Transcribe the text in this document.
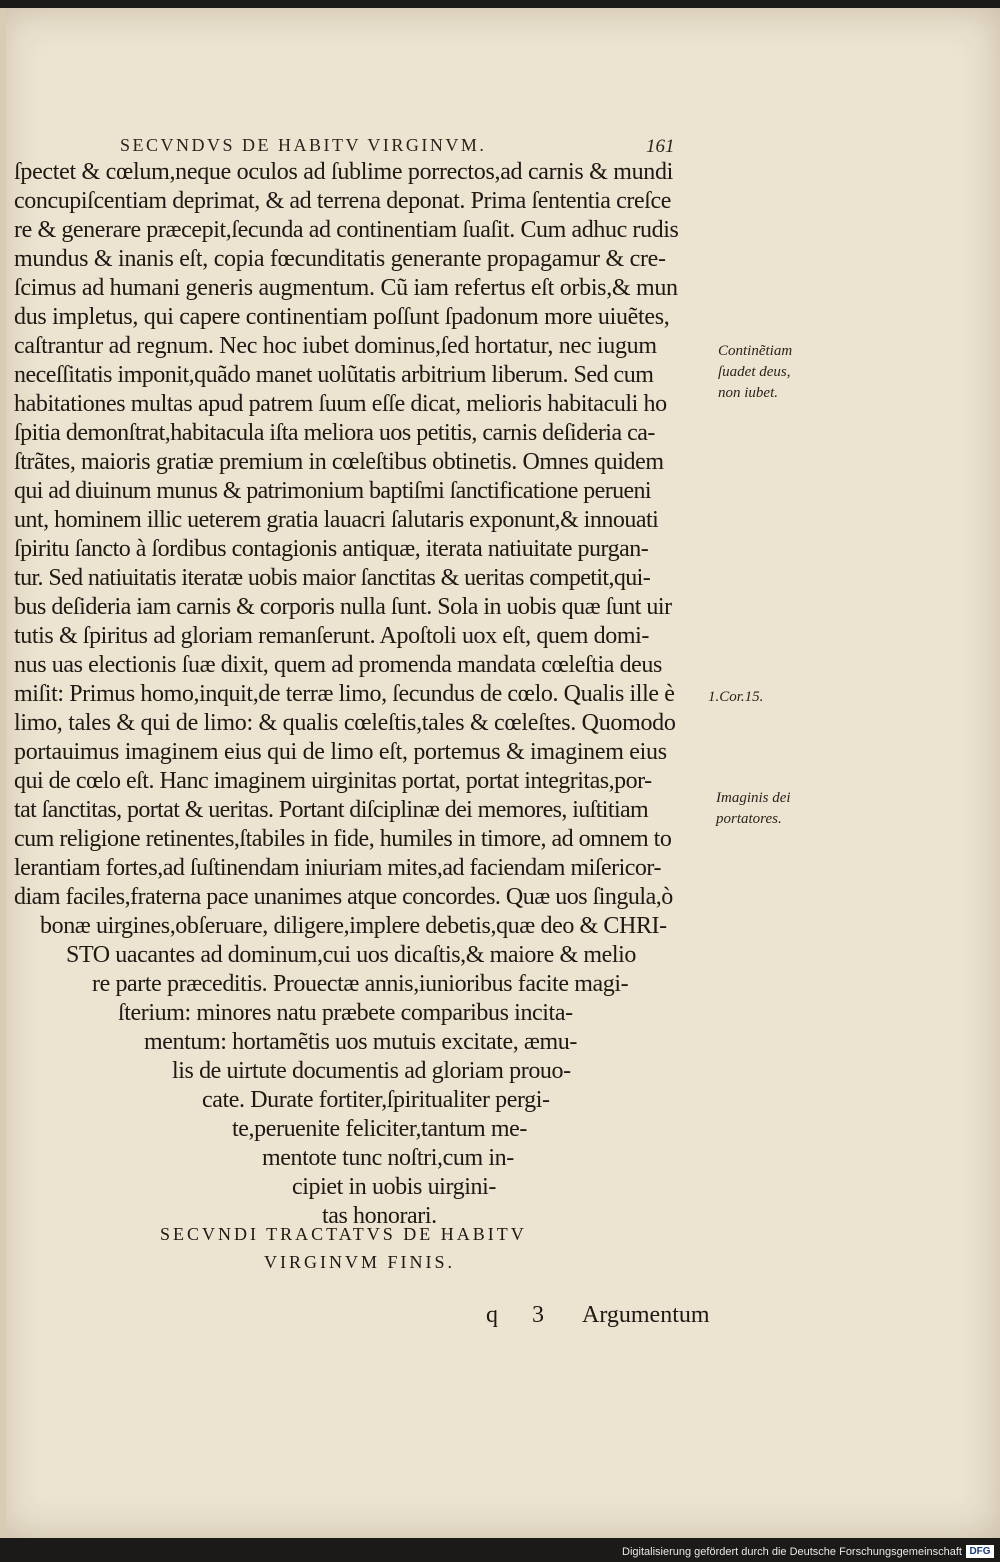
SECVNDVS DE HABITV VIRGINVM.	161
ſpectet & cœlum,neque oculos ad ſublime porrectos,ad carnis & mundi
concupiſcentiam deprimat, & ad terrena deponat. Prima ſententia creſce
re & generare præcepit,ſecunda ad continentiam ſuaſit. Cum adhuc rudis
mundus & inanis eſt, copia fœcunditatis generante propagamur & cre-
ſcimus ad humani generis augmentum. Cũ iam refertus eſt orbis,& mun
dus impletus, qui capere continentiam poſſunt ſpadonum more uiuẽtes,
caſtrantur ad regnum. Nec hoc iubet dominus,ſed hortatur, nec iugum
neceſſitatis imponit,quãdo manet uolũtatis arbitrium liberum. Sed cum
habitationes multas apud patrem ſuum eſſe dicat, melioris habitaculi ho
ſpitia demonſtrat,habitacula iſta meliora uos petitis, carnis deſideria ca-
ſtrãtes, maioris gratiæ premium in cœleſtibus obtinetis. Omnes quidem
qui ad diuinum munus & patrimonium baptiſmi ſanctificatione perueni
unt, hominem illic ueterem gratia lauacri ſalutaris exponunt,& innouati
ſpiritu ſancto à ſordibus contagionis antiquæ, iterata natiuitate purgan-
tur. Sed natiuitatis iteratæ uobis maior ſanctitas & ueritas competit,qui-
bus deſideria iam carnis & corporis nulla ſunt. Sola in uobis quæ ſunt uir
tutis & ſpiritus ad gloriam remanſerunt. Apoſtoli uox eſt, quem domi-
nus uas electionis ſuæ dixit, quem ad promenda mandata cœleſtia deus
miſit: Primus homo,inquit,de terræ limo, ſecundus de cœlo. Qualis ille è
limo, tales & qui de limo: & qualis cœleſtis,tales & cœleſtes. Quomodo
portauimus imaginem eius qui de limo eſt, portemus & imaginem eius
qui de cœlo eſt. Hanc imaginem uirginitas portat, portat integritas,por-
tat ſanctitas, portat & ueritas. Portant diſciplinæ dei memores, iuſtitiam
cum religione retinentes,ſtabiles in fide, humiles in timore, ad omnem to
lerantiam fortes,ad ſuſtinendam iniuriam mites,ad faciendam miſericor-
diam faciles,fraterna pace unanimes atque concordes. Quæ uos ſingula,ò
bonæ uirgines,obſeruare, diligere,implere debetis,quæ deo & CHRI-
STO uacantes ad dominum,cui uos dicaſtis,& maiore & melio
re parte præceditis. Prouectæ annis,iunioribus facite magi-
ſterium: minores natu præbete comparibus incita-
mentum: hortamẽtis uos mutuis excitate, æmu-
lis de uirtute documentis ad gloriam prouo-
cate. Durate fortiter,ſpiritualiter pergi-
te,peruenite feliciter,tantum me-
mentote tunc noſtri,cum in-
cipiet in uobis uirgini-
tas honorari.
SECVNDI TRACTATVS DE HABITV
VIRGINVM FINIS.
q 3 Argumentum
Continẽtiam
ſuadet deus,
non iubet.
1.Cor.15.
Imaginis dei
portatores.
Digitalisierung gefördert durch die Deutsche Forschungsgemeinschaft DFG
